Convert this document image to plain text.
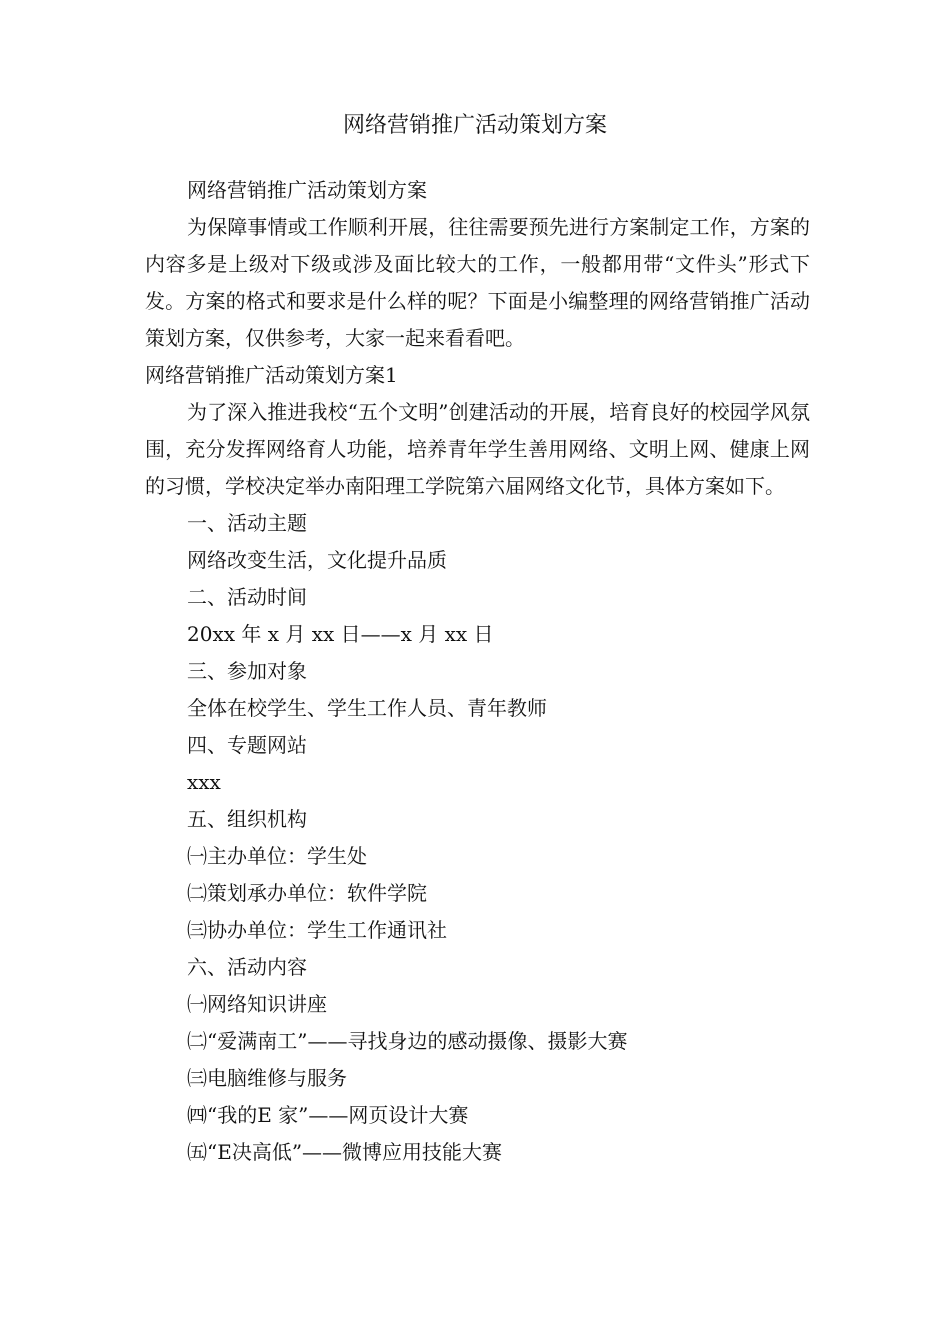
网络营销推广活动策划方案

网络营销推广活动策划方案

为保障事情或工作顺利开展，往往需要预先进行方案制定工作，方案的内容多是上级对下级或涉及面比较大的工作，一般都用带“文件头”形式下发。方案的格式和要求是什么样的呢？下面是小编整理的网络营销推广活动策划方案，仅供参考，大家一起来看看吧。

网络营销推广活动策划方案1

为了深入推进我校“五个文明”创建活动的开展，培育良好的校园学风氛围，充分发挥网络育人功能，培养青年学生善用网络、文明上网、健康上网的习惯，学校决定举办南阳理工学院第六届网络文化节，具体方案如下。

一、活动主题

网络改变生活，文化提升品质

二、活动时间

20xx 年 x 月 xx 日——x 月 xx 日

三、参加对象

全体在校学生、学生工作人员、青年教师

四、专题网站

xxx

五、组织机构

㈠主办单位：学生处

㈡策划承办单位：软件学院

㈢协办单位：学生工作通讯社

六、活动内容

㈠网络知识讲座

㈡“爱满南工”——寻找身边的感动摄像、摄影大赛

㈢电脑维修与服务

㈣“我的E 家”——网页设计大赛

㈤“E决高低”——微博应用技能大赛
